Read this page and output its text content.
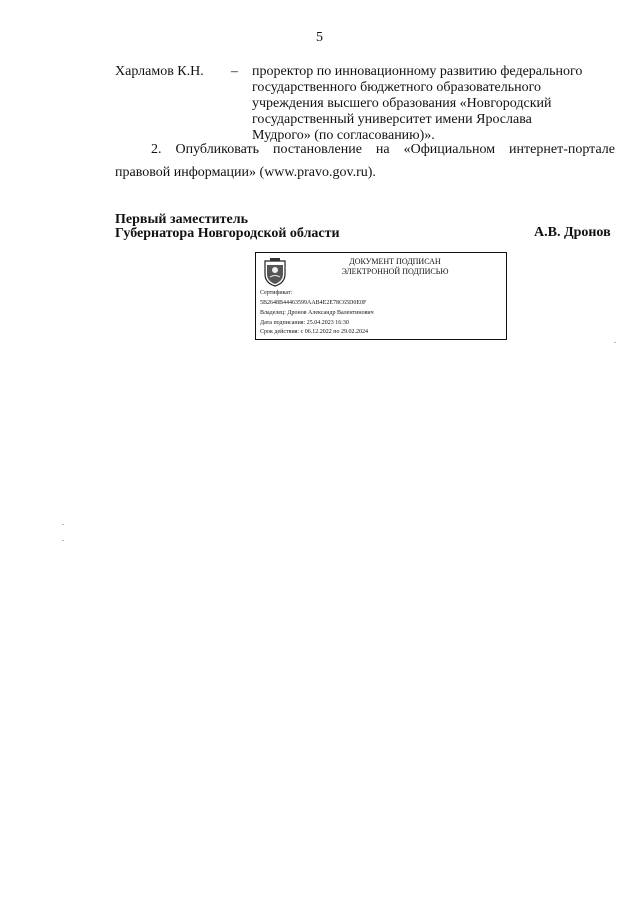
5
Харламов К.Н. – проректор по инновационному развитию федерального
государственного бюджетного образовательного
учреждения высшего образования «Новгородский
государственный университет имени Ярослава
Мудрого» (по согласованию)».
2. Опубликовать постановление на «Официальном интернет-портале правовой информации» (www.pravo.gov.ru).
Первый заместитель
Губернатора Новгородской области	А.В. Дронов
ДОКУМЕНТ ПОДПИСАН
ЭЛЕКТРОННОЙ ПОДПИСЬЮ
Сертификат:
5B2648B44463599AAB4E2E78C65D0E0F
Владелец: Дронов Александр Валентинович
Дата подписания: 25.04.2023 16:30
Срок действия: с 06.12.2022 по 29.02.2024
